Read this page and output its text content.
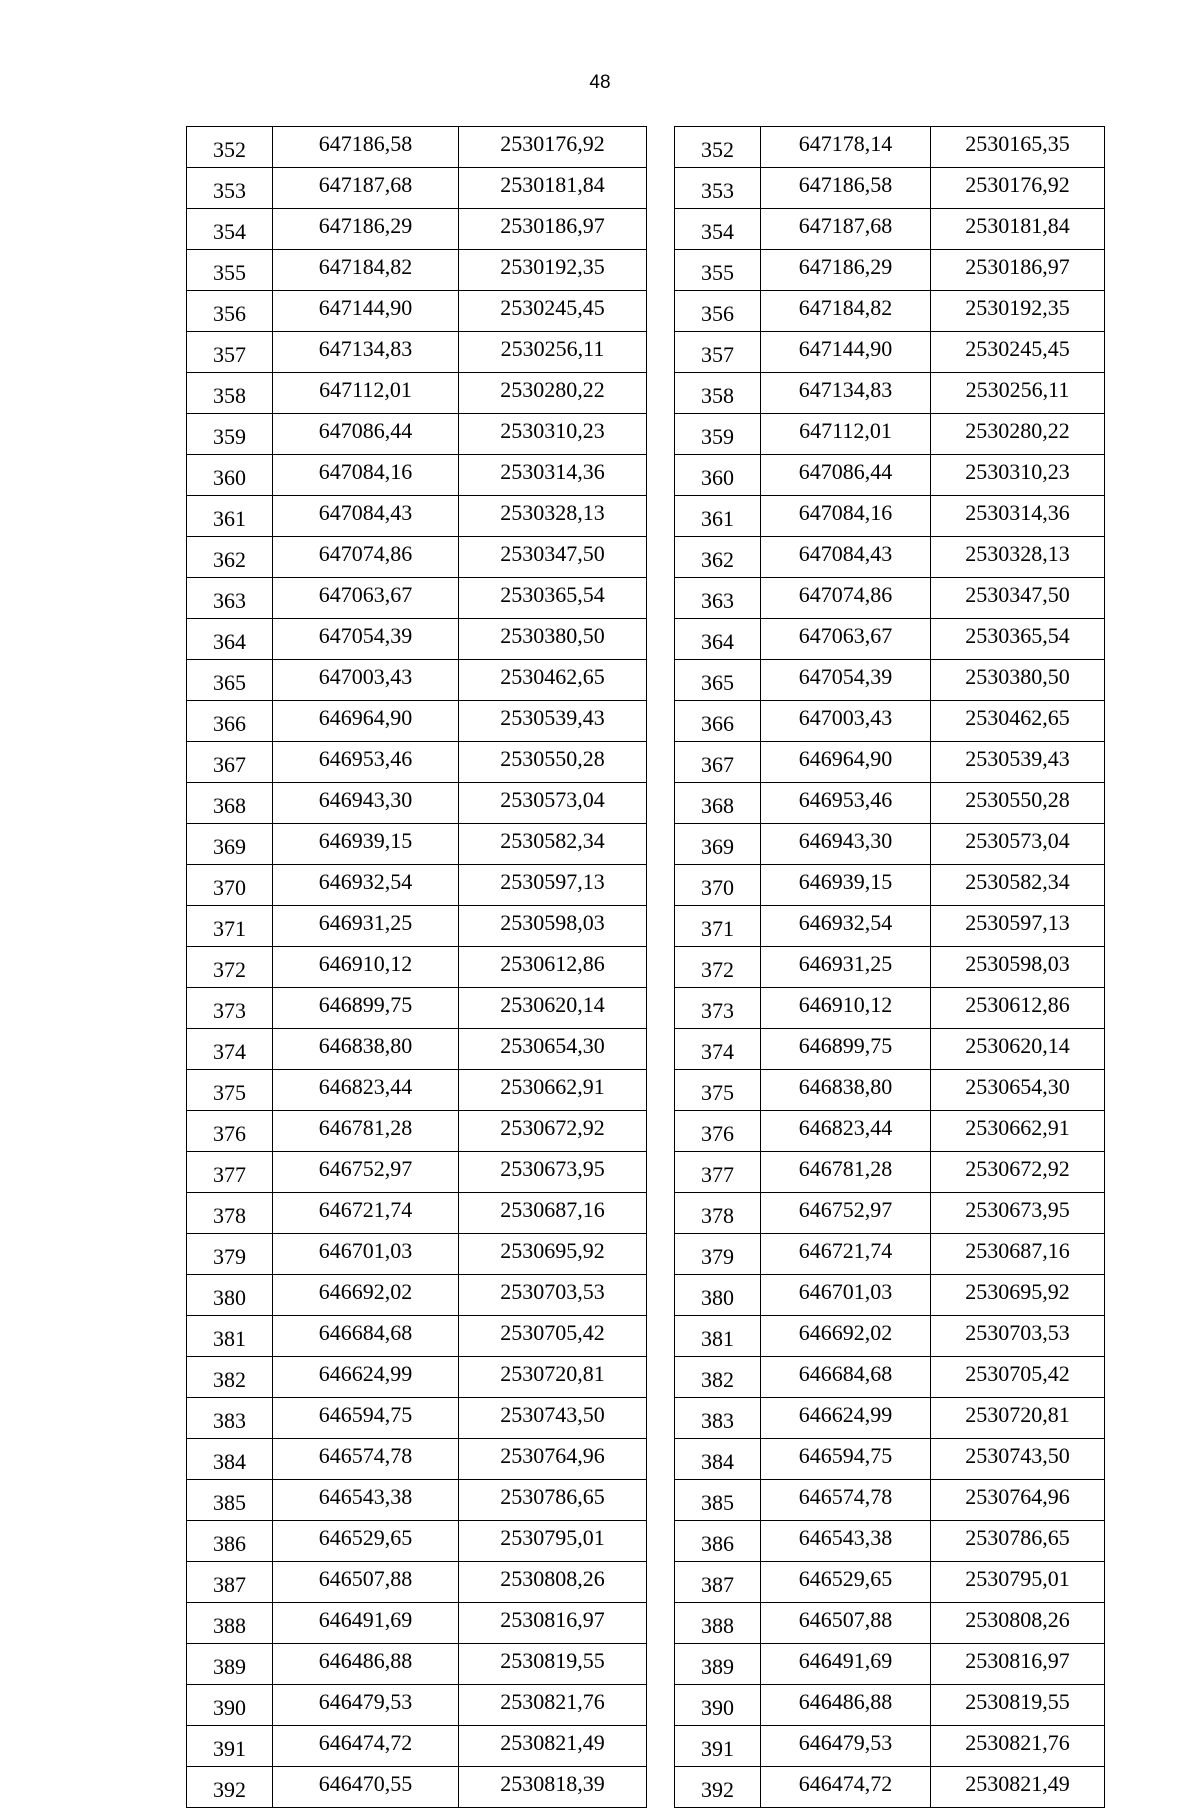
48
352	647186,58	2530176,92
353	647187,68	2530181,84
354	647186,29	2530186,97
355	647184,82	2530192,35
356	647144,90	2530245,45
357	647134,83	2530256,11
358	647112,01	2530280,22
359	647086,44	2530310,23
360	647084,16	2530314,36
361	647084,43	2530328,13
362	647074,86	2530347,50
363	647063,67	2530365,54
364	647054,39	2530380,50
365	647003,43	2530462,65
366	646964,90	2530539,43
367	646953,46	2530550,28
368	646943,30	2530573,04
369	646939,15	2530582,34
370	646932,54	2530597,13
371	646931,25	2530598,03
372	646910,12	2530612,86
373	646899,75	2530620,14
374	646838,80	2530654,30
375	646823,44	2530662,91
376	646781,28	2530672,92
377	646752,97	2530673,95
378	646721,74	2530687,16
379	646701,03	2530695,92
380	646692,02	2530703,53
381	646684,68	2530705,42
382	646624,99	2530720,81
383	646594,75	2530743,50
384	646574,78	2530764,96
385	646543,38	2530786,65
386	646529,65	2530795,01
387	646507,88	2530808,26
388	646491,69	2530816,97
389	646486,88	2530819,55
390	646479,53	2530821,76
391	646474,72	2530821,49
392	646470,55	2530818,39
352	647178,14	2530165,35
353	647186,58	2530176,92
354	647187,68	2530181,84
355	647186,29	2530186,97
356	647184,82	2530192,35
357	647144,90	2530245,45
358	647134,83	2530256,11
359	647112,01	2530280,22
360	647086,44	2530310,23
361	647084,16	2530314,36
362	647084,43	2530328,13
363	647074,86	2530347,50
364	647063,67	2530365,54
365	647054,39	2530380,50
366	647003,43	2530462,65
367	646964,90	2530539,43
368	646953,46	2530550,28
369	646943,30	2530573,04
370	646939,15	2530582,34
371	646932,54	2530597,13
372	646931,25	2530598,03
373	646910,12	2530612,86
374	646899,75	2530620,14
375	646838,80	2530654,30
376	646823,44	2530662,91
377	646781,28	2530672,92
378	646752,97	2530673,95
379	646721,74	2530687,16
380	646701,03	2530695,92
381	646692,02	2530703,53
382	646684,68	2530705,42
383	646624,99	2530720,81
384	646594,75	2530743,50
385	646574,78	2530764,96
386	646543,38	2530786,65
387	646529,65	2530795,01
388	646507,88	2530808,26
389	646491,69	2530816,97
390	646486,88	2530819,55
391	646479,53	2530821,76
392	646474,72	2530821,49
